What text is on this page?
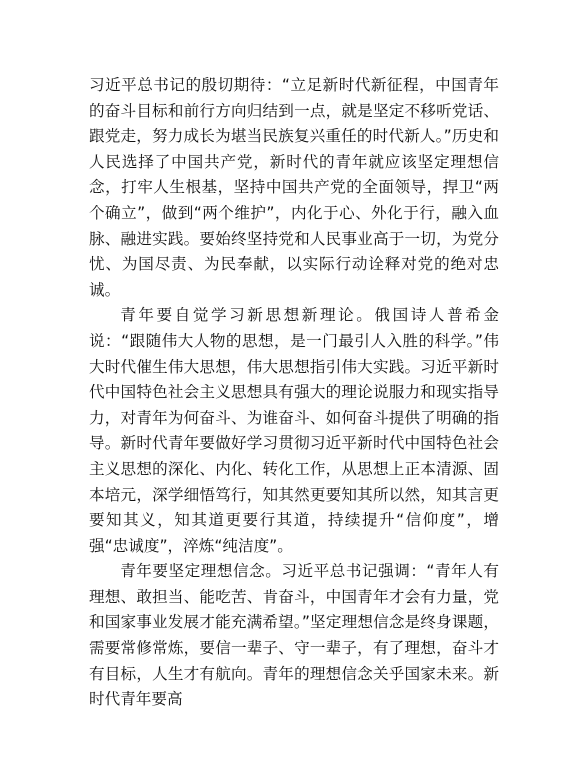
习近平总书记的殷切期待：“立足新时代新征程，中国青年的奋斗目标和前行方向归结到一点，就是坚定不移听党话、跟党走，努力成长为堪当民族复兴重任的时代新人。”历史和人民选择了中国共产党，新时代的青年就应该坚定理想信念，打牢人生根基，坚持中国共产党的全面领导，捍卫“两个确立”，做到“两个维护”，内化于心、外化于行，融入血脉、融进实践。要始终坚持党和人民事业高于一切，为党分忧、为国尽责、为民奉献，以实际行动诠释对党的绝对忠诚。

青年要自觉学习新思想新理论。俄国诗人普希金说：“跟随伟大人物的思想，是一门最引人入胜的科学。”伟大时代催生伟大思想，伟大思想指引伟大实践。习近平新时代中国特色社会主义思想具有强大的理论说服力和现实指导力，对青年为何奋斗、为谁奋斗、如何奋斗提供了明确的指导。新时代青年要做好学习贯彻习近平新时代中国特色社会主义思想的深化、内化、转化工作，从思想上正本清源、固本培元，深学细悟笃行，知其然更要知其所以然，知其言更要知其义，知其道更要行其道，持续提升“信仰度”，增强“忠诚度”，淬炼“纯洁度”。

青年要坚定理想信念。习近平总书记强调：“青年人有理想、敢担当、能吃苦、肯奋斗，中国青年才会有力量，党和国家事业发展才能充满希望。”坚定理想信念是终身课题，需要常修常炼，要信一辈子、守一辈子，有了理想，奋斗才有目标，人生才有航向。青年的理想信念关乎国家未来。新时代青年要高
